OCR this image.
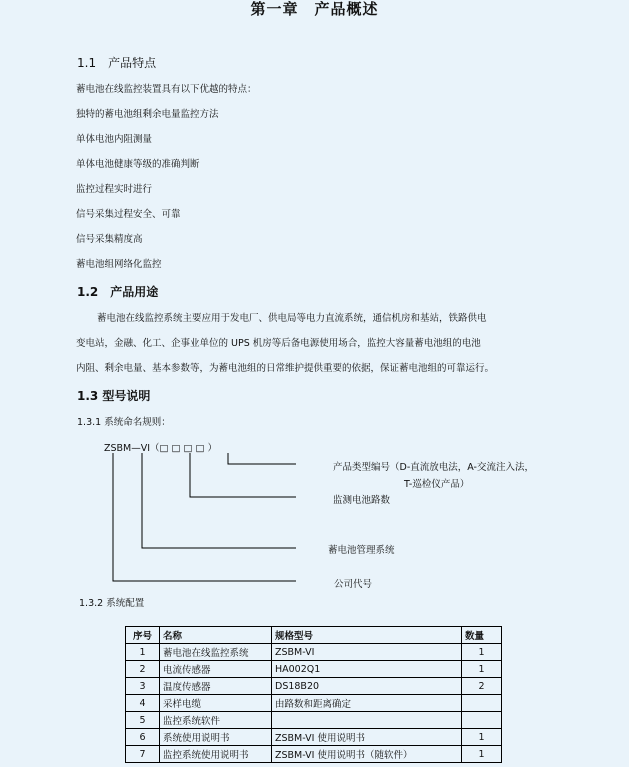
第一章　产品概述
1.1　产品特点
蓄电池在线监控装置具有以下优越的特点：
独特的蓄电池组剩余电量监控方法
单体电池内阻测量
单体电池健康等级的准确判断
监控过程实时进行
信号采集过程安全、可靠
信号采集精度高
蓄电池组网络化监控
1.2　产品用途
蓄电池在线监控系统主要应用于发电厂、供电局等电力直流系统，通信机房和基站，铁路供电
变电站，金融、化工、企事业单位的 UPS 机房等后备电源使用场合，监控大容量蓄电池组的电池
内阻、剩余电量、基本参数等，为蓄电池组的日常维护提供重要的依据，保证蓄电池组的可靠运行。
1.3 型号说明
1.3.1 系统命名规则：
ZSBM—VI（□ □ □ □ ）
产品类型编号（D-直流放电法，A-交流注入法，
T-巡检仪产品）
监测电池路数
蓄电池管理系统
公司代号
1.3.2 系统配置
序号	名称	规格型号	数量
1	蓄电池在线监控系统	ZSBM-VI	1
2	电流传感器	HA002Q1	1
3	温度传感器	DS18B20	2
4	采样电缆	由路数和距离确定	
5	监控系统软件		
6	系统使用说明书	ZSBM-VI 使用说明书	1
7	监控系统使用说明书	ZSBM-VI 使用说明书（随软件）	1
